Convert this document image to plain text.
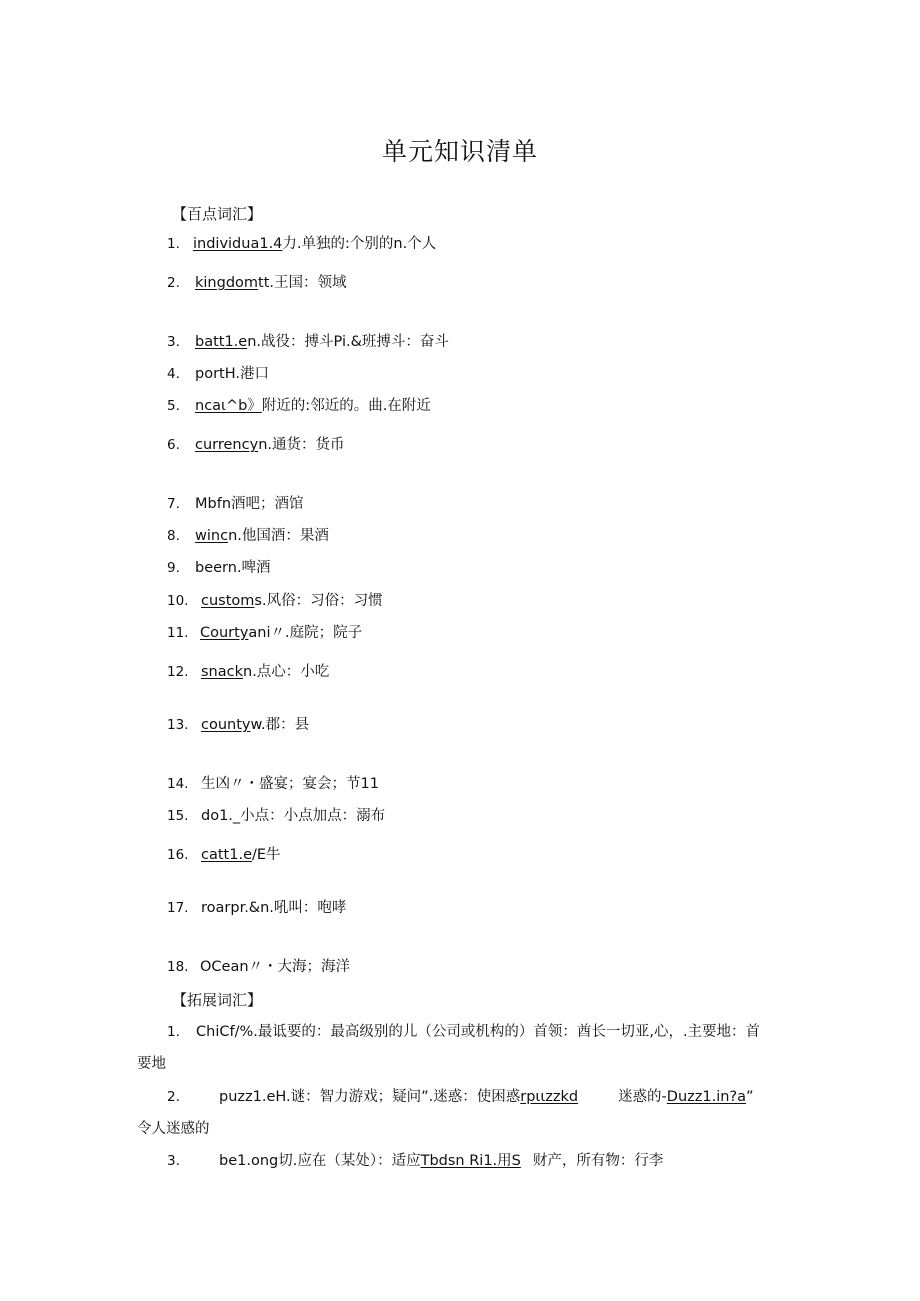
单元知识清单
【百点词汇】
1. individua1.4力.单独的:个别的n.个人
2. kingdomtt.王国：领域
3. batt1.en.战役：搏斗Pi.&班搏斗：奋斗
4. portH.港口
5. ncaι^b》附近的:邻近的。曲.在附近
6. currencyn.通货：货币
7. Mbfn酒吧；酒馆
8. wincn.他国酒：果酒
9. beern.啤酒
10. customs.风俗：习俗：习惯
11. Courtyani〃.庭院；院子
12. snackn.点心：小吃
13. countyw.郡：县
14. 生凶〃・盛宴；宴会；节11
15. do1._小点：小点加点：溺布
16. catt1.e/E牛
17. roarpr.&n.吼叫：咆哮
18. OCean〃・大海；海洋
【拓展词汇】
1. ChiCf/%.最诋要的：最高级别的儿（公司或机构的）首领：酋长一切亚,心，.主要地：首
要地
2.	puzz1.eH.谜：智力游戏；疑问”.迷惑：使困惑rpιιzzkd	迷惑的-Duzz1.in?a”
令人迷感的
3.	be1.ong切.应在（某处）：适应Tbdsn Ri1.用S 财产，所有物：行李
